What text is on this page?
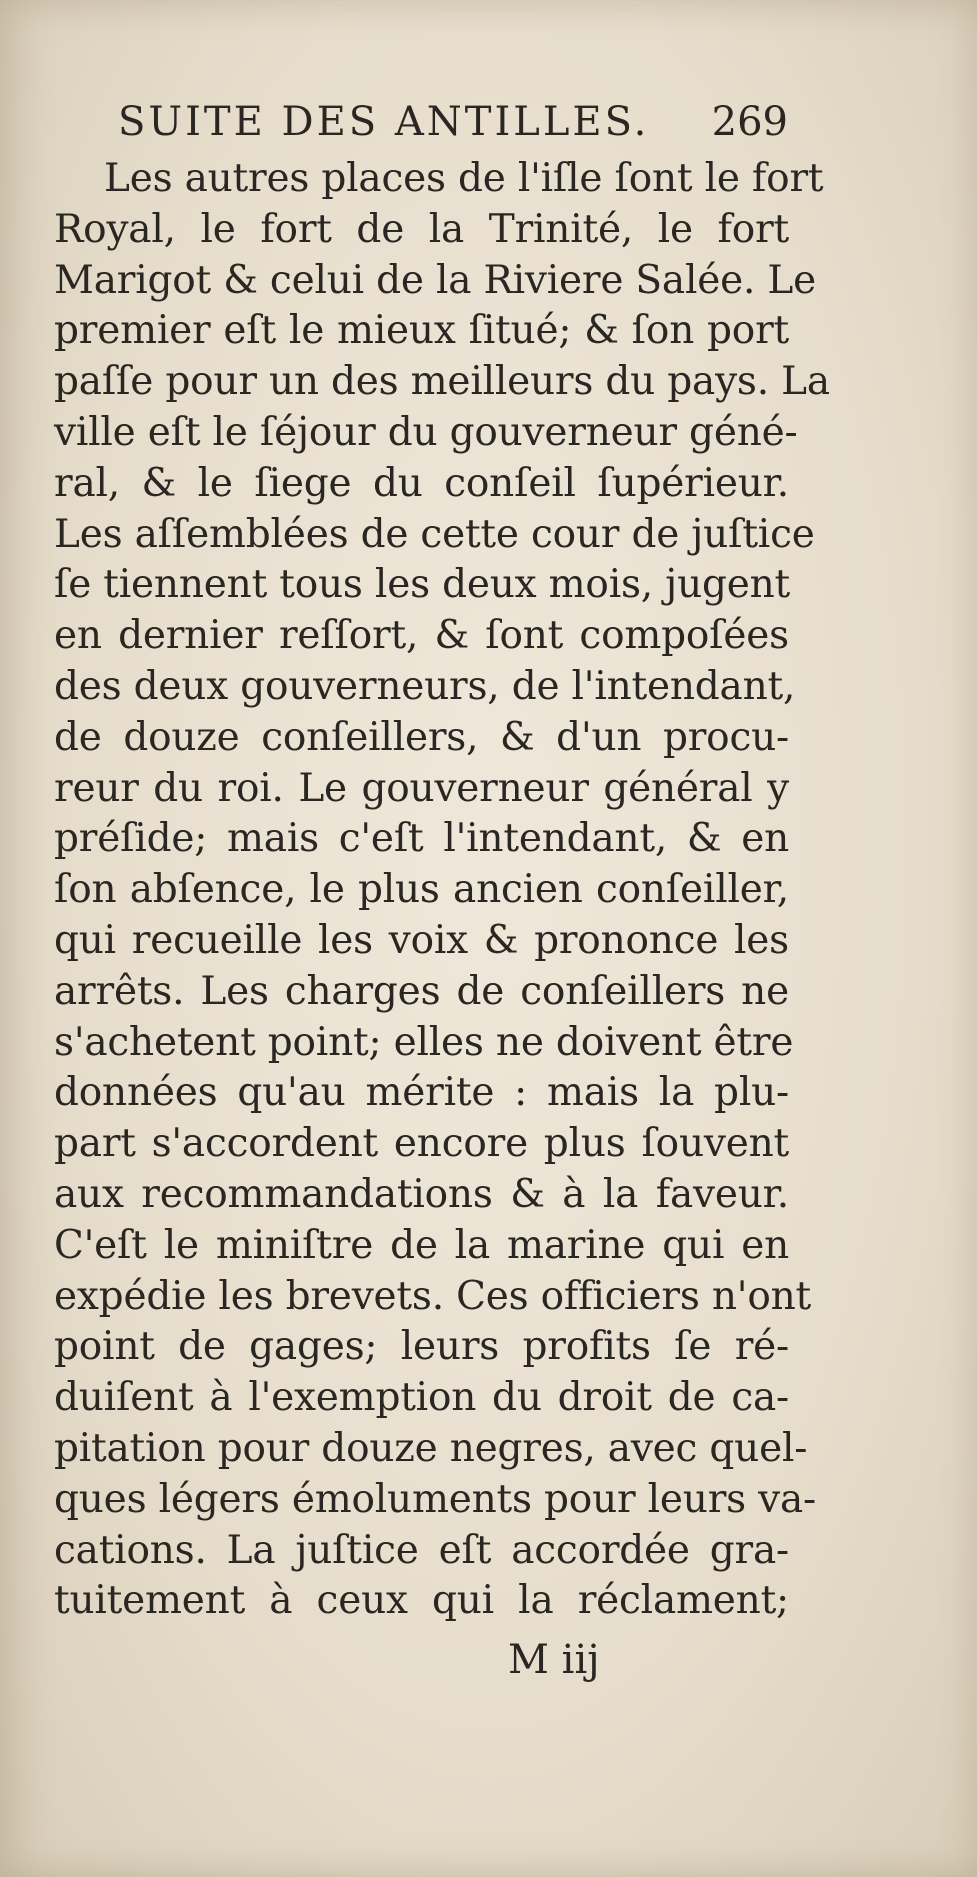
SUITE DES ANTILLES. 269
Les autres places de l'iſle ſont le fort
Royal, le fort de la Trinité, le fort
Marigot & celui de la Riviere Salée. Le
premier eſt le mieux ſitué; & ſon port
paſſe pour un des meilleurs du pays. La
ville eſt le ſéjour du gouverneur géné-
ral, & le ſiege du conſeil ſupérieur.
Les aſſemblées de cette cour de juſtice
ſe tiennent tous les deux mois, jugent
en dernier reſſort, & ſont compoſées
des deux gouverneurs, de l'intendant,
de douze conſeillers, & d'un procu-
reur du roi. Le gouverneur général y
préſide; mais c'eſt l'intendant, & en
ſon abſence, le plus ancien conſeiller,
qui recueille les voix & prononce les
arrêts. Les charges de conſeillers ne
s'achetent point; elles ne doivent être
données qu'au mérite : mais la plu-
part s'accordent encore plus ſouvent
aux recommandations & à la faveur.
C'eſt le miniſtre de la marine qui en
expédie les brevets. Ces officiers n'ont
point de gages; leurs profits ſe ré-
duiſent à l'exemption du droit de ca-
pitation pour douze negres, avec quel-
ques légers émoluments pour leurs va-
cations. La juſtice eſt accordée gra-
tuitement à ceux qui la réclament;
M iij
